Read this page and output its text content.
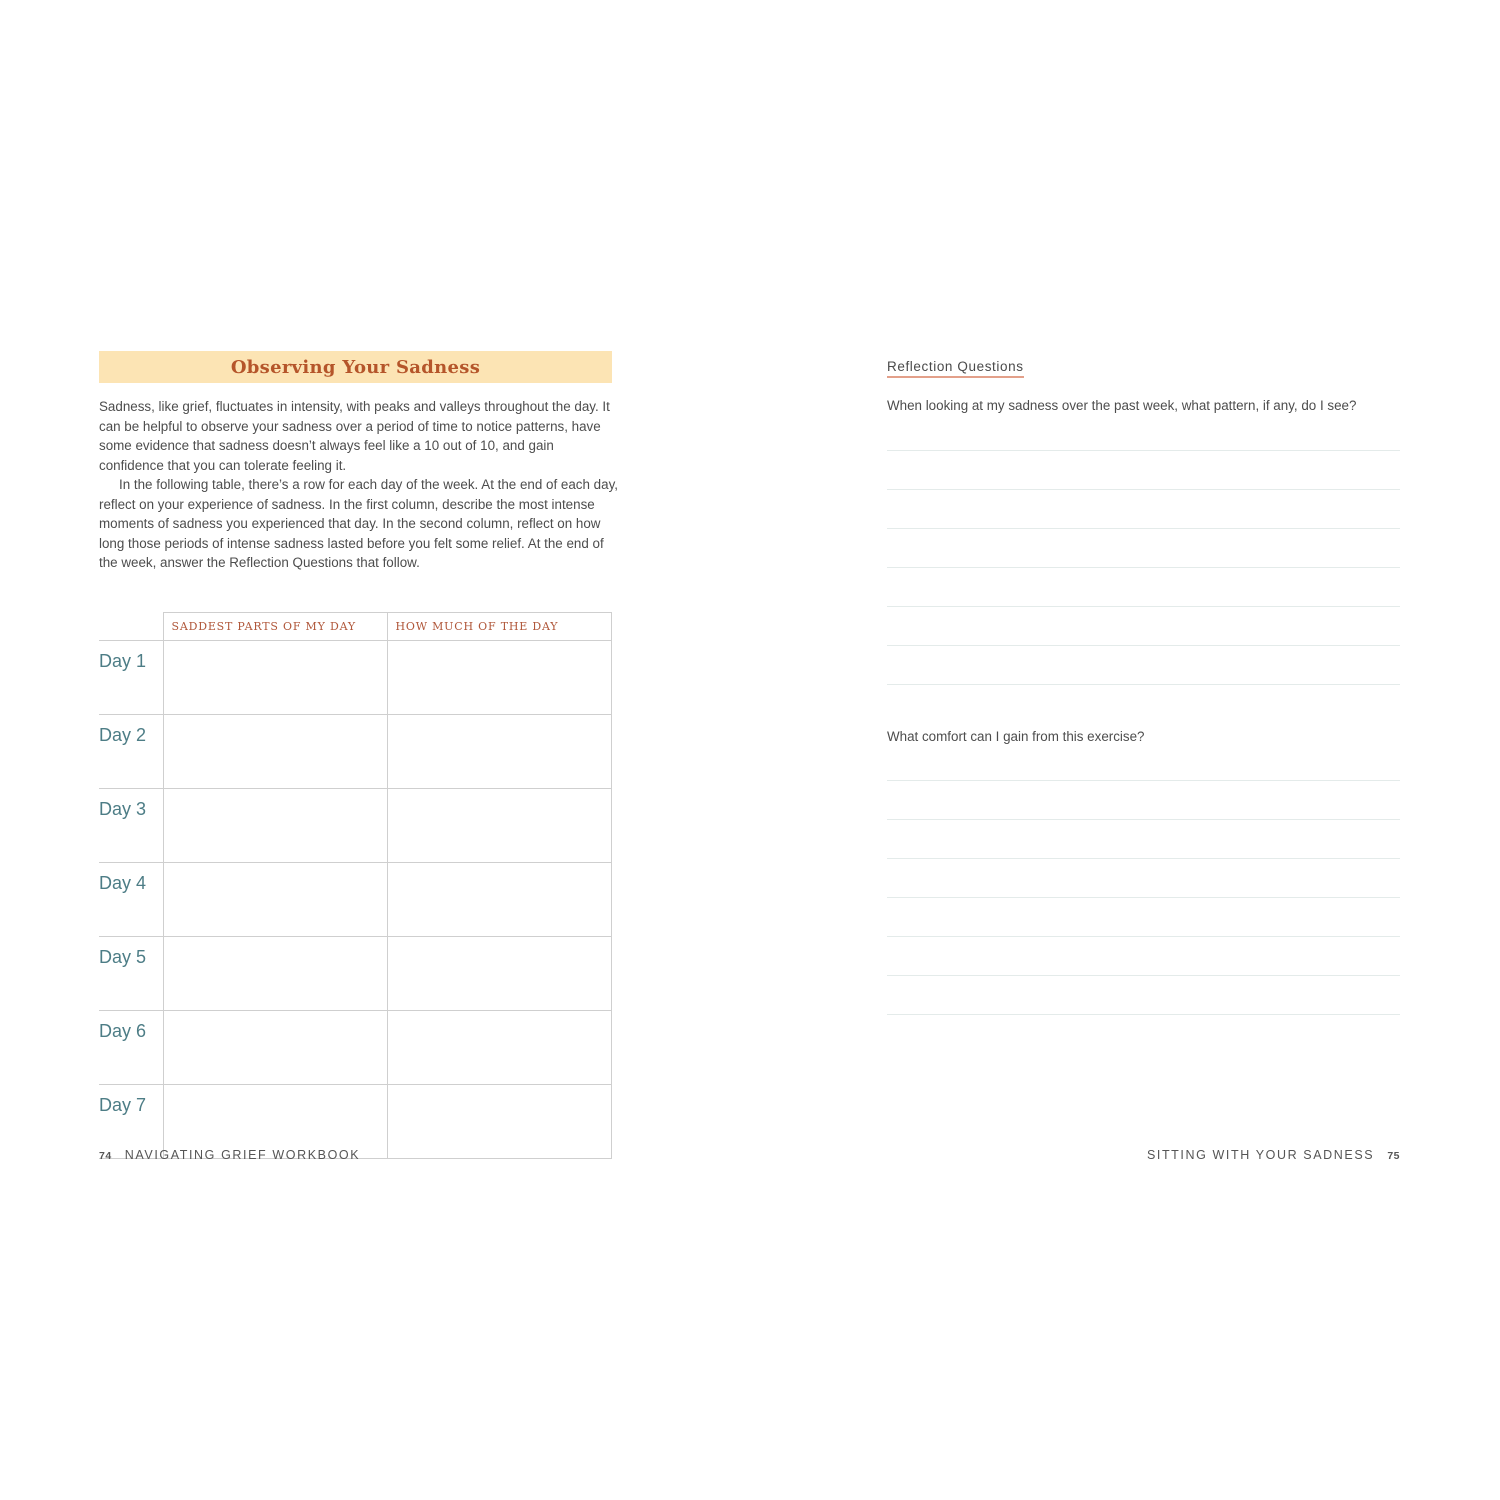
Observing Your Sadness

Sadness, like grief, fluctuates in intensity, with peaks and valleys throughout the day. It can be helpful to observe your sadness over a period of time to notice patterns, have some evidence that sadness doesn’t always feel like a 10 out of 10, and gain confidence that you can tolerate feeling it.

In the following table, there’s a row for each day of the week. At the end of each day, reflect on your experience of sadness. In the first column, describe the most intense moments of sadness you experienced that day. In the second column, reflect on how long those periods of intense sadness lasted before you felt some relief. At the end of the week, answer the Reflection Questions that follow.

	SADDEST PARTS OF MY DAY	HOW MUCH OF THE DAY
Day 1		
Day 2		
Day 3		
Day 4		
Day 5		
Day 6		
Day 7		
74 NAVIGATING GRIEF WORKBOOK
Reflection Questions

When looking at my sadness over the past week, what pattern, if any, do I see?

What comfort can I gain from this exercise?

SITTING WITH YOUR SADNESS 75
